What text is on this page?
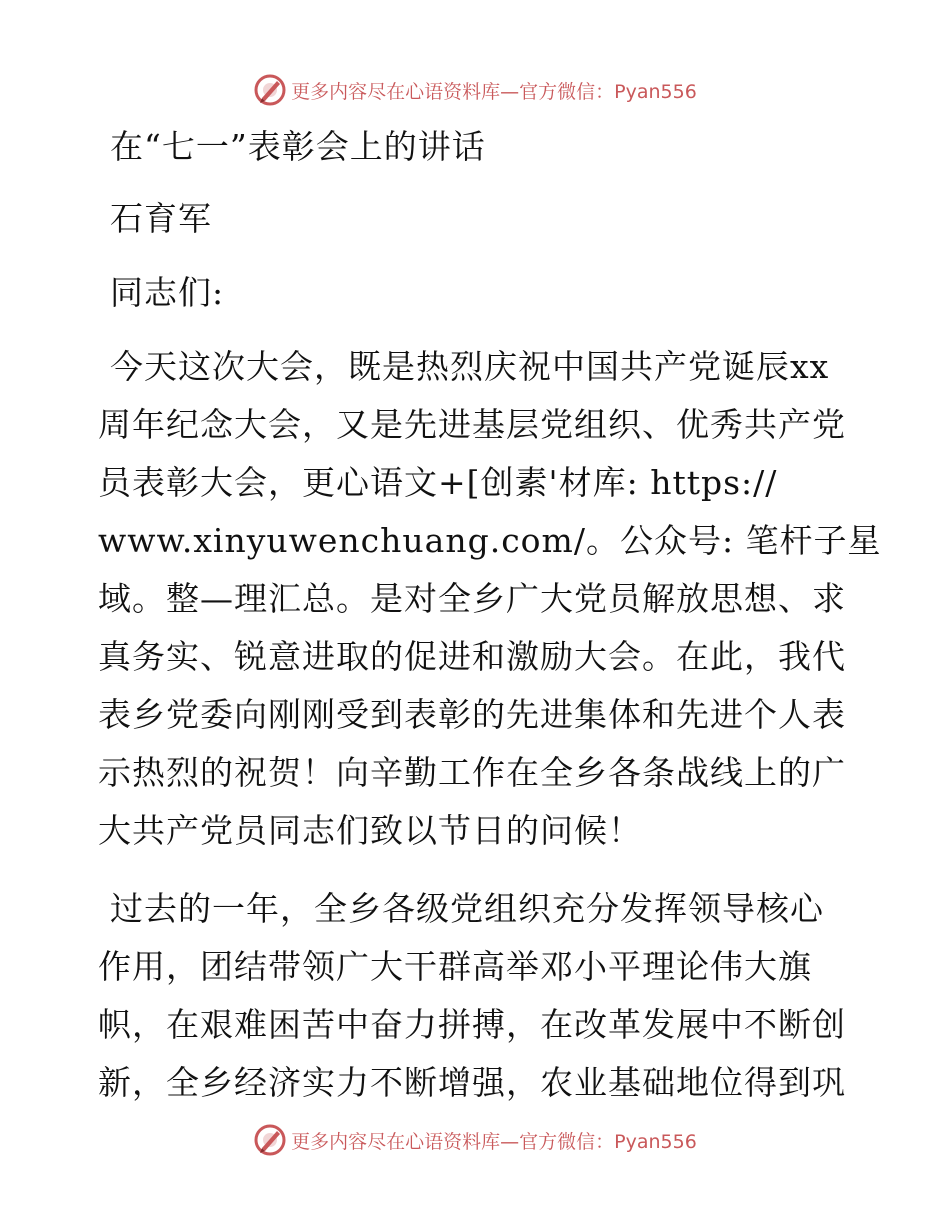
更多内容尽在心语资料库—官方微信：Pyan556
在“七一”表彰会上的讲话
石育军
同志们:
今天这次大会，既是热烈庆祝中国共产党诞辰xx
周年纪念大会，又是先进基层党组织、优秀共产党
员表彰大会，更心语文+[创素'材库: https://
www.xinyuwenchuang.com/。公众号: 笔杆子星
域。整—理汇总。是对全乡广大党员解放思想、求
真务实、锐意进取的促进和激励大会。在此，我代
表乡党委向刚刚受到表彰的先进集体和先进个人表
示热烈的祝贺！向辛勤工作在全乡各条战线上的广
大共产党员同志们致以节日的问候！
过去的一年，全乡各级党组织充分发挥领导核心
作用，团结带领广大干群高举邓小平理论伟大旗
帜，在艰难困苦中奋力拼搏，在改革发展中不断创
新，全乡经济实力不断增强，农业基础地位得到巩
更多内容尽在心语资料库—官方微信：Pyan556
